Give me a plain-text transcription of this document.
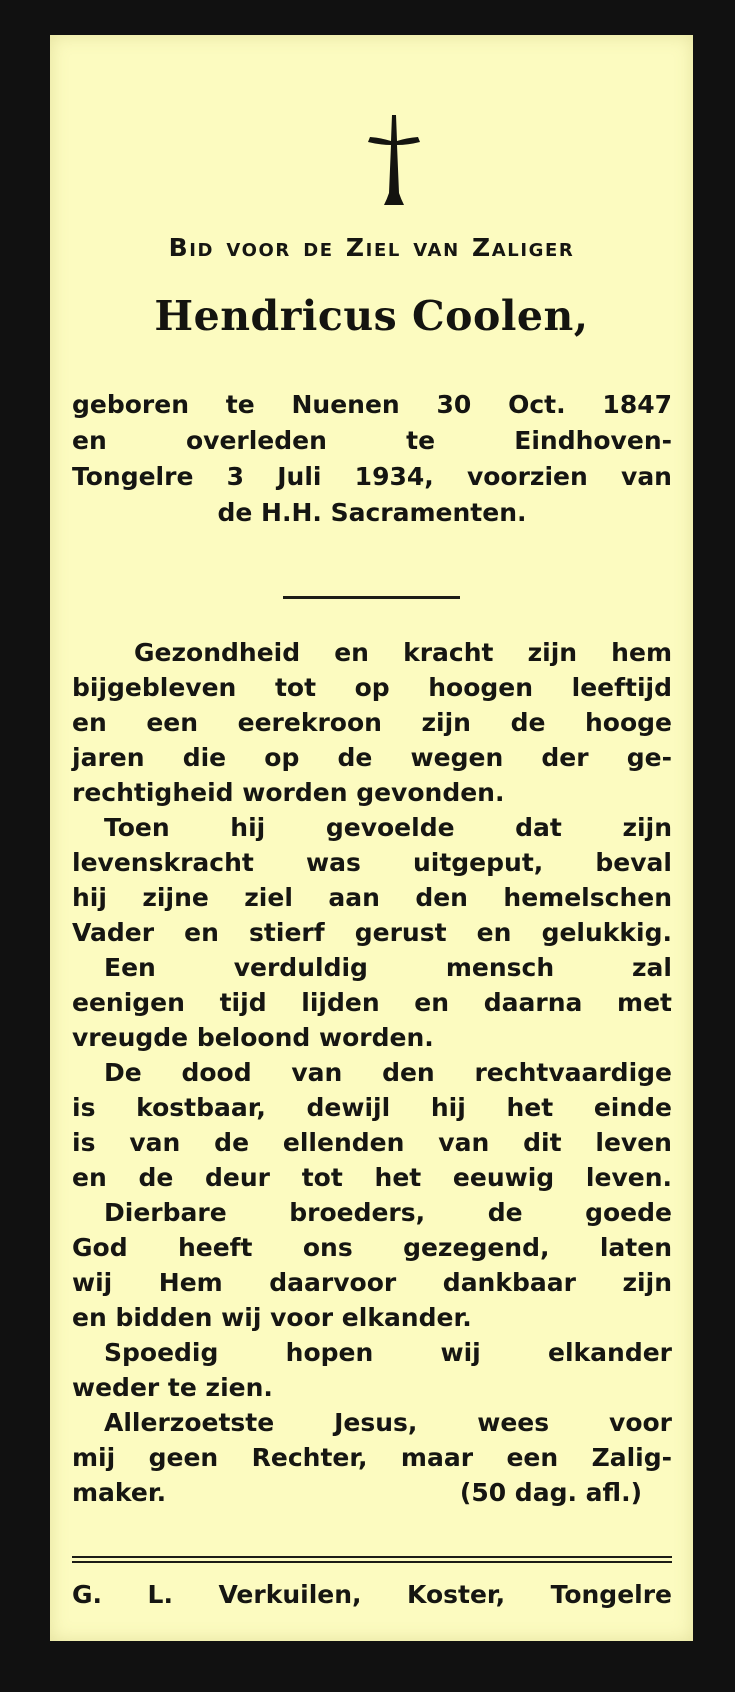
Bid voor de Ziel van Zaliger
Hendricus Coolen,
geboren te Nuenen 30 Oct. 1847
en overleden te Eindhoven-
Tongelre 3 Juli 1934, voorzien van
de H.H. Sacramenten.
Gezondheid en kracht zijn hem
bijgebleven tot op hoogen leeftijd
en een eerekroon zijn de hooge
jaren die op de wegen der ge-
rechtigheid worden gevonden.
Toen hij gevoelde dat zijn
levenskracht was uitgeput, beval
hij zijne ziel aan den hemelschen
Vader en stierf gerust en gelukkig.
Een verduldig mensch zal
eenigen tijd lijden en daarna met
vreugde beloond worden.
De dood van den rechtvaardige
is kostbaar, dewijl hij het einde
is van de ellenden van dit leven
en de deur tot het eeuwig leven.
Dierbare broeders, de goede
God heeft ons gezegend, laten
wij Hem daarvoor dankbaar zijn
en bidden wij voor elkander.
Spoedig hopen wij elkander
weder te zien.
Allerzoetste Jesus, wees voor
mij geen Rechter, maar een Zalig-
maker.	(50 dag. afl.)
G. L. Verkuilen, Koster, Tongelre
